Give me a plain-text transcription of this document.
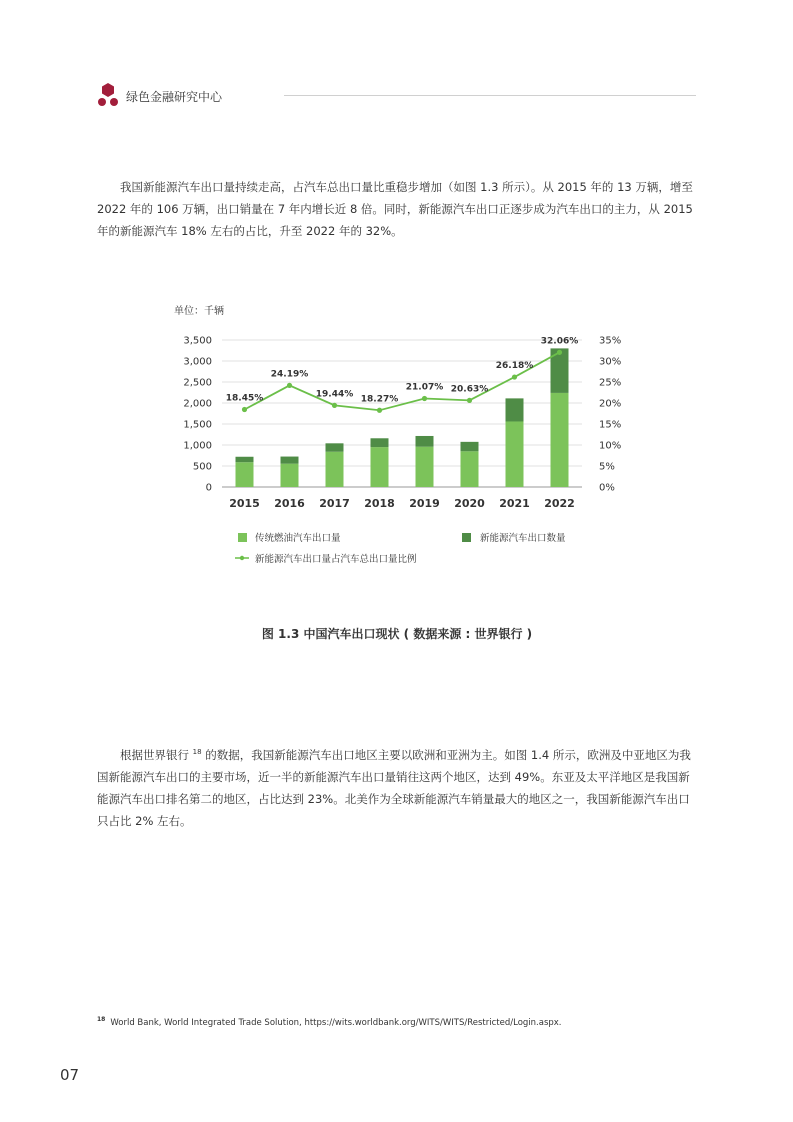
绿色金融研究中心

我国新能源汽车出口量持续走高，占汽车总出口量比重稳步增加（如图 1.3 所示）。从 2015 年的 13 万辆，增至 2022 年的 106 万辆，出口销量在 7 年内增长近 8 倍。同时，新能源汽车出口正逐步成为汽车出口的主力，从 2015 年的新能源汽车 18% 左右的占比，升至 2022 年的 32%。

单位：千辆
0
500
1,000
1,500
2,000
2,500
3,000
3,500
0%
5%
10%
15%
20%
25%
30%
35%
18.45%
24.19%
19.44% 18.27%
21.07% 20.63%
26.18%
32.06%
2015 2016 2017 2018 2019 2020 2021 2022
传统燃油汽车出口量	新能源汽车出口数量
新能源汽车出口量占汽车总出口量比例
图 1.3 中国汽车出口现状 ( 数据来源 : 世界银行 )

根据世界银行 $^{18}$ 的数据，我国新能源汽车出口地区主要以欧洲和亚洲为主。如图 1.4 所示，欧洲及中亚地区为我国新能源汽车出口的主要市场，近一半的新能源汽车出口量销往这两个地区，达到 49%。东亚及太平洋地区是我国新能源汽车出口排名第二的地区，占比达到 23%。北美作为全球新能源汽车销量最大的地区之一，我国新能源汽车出口只占比 2% 左右。

$^{18}$ World Bank, World Integrated Trade Solution, https://wits.worldbank.org/WITS/WITS/Restricted/Login.aspx.
07
